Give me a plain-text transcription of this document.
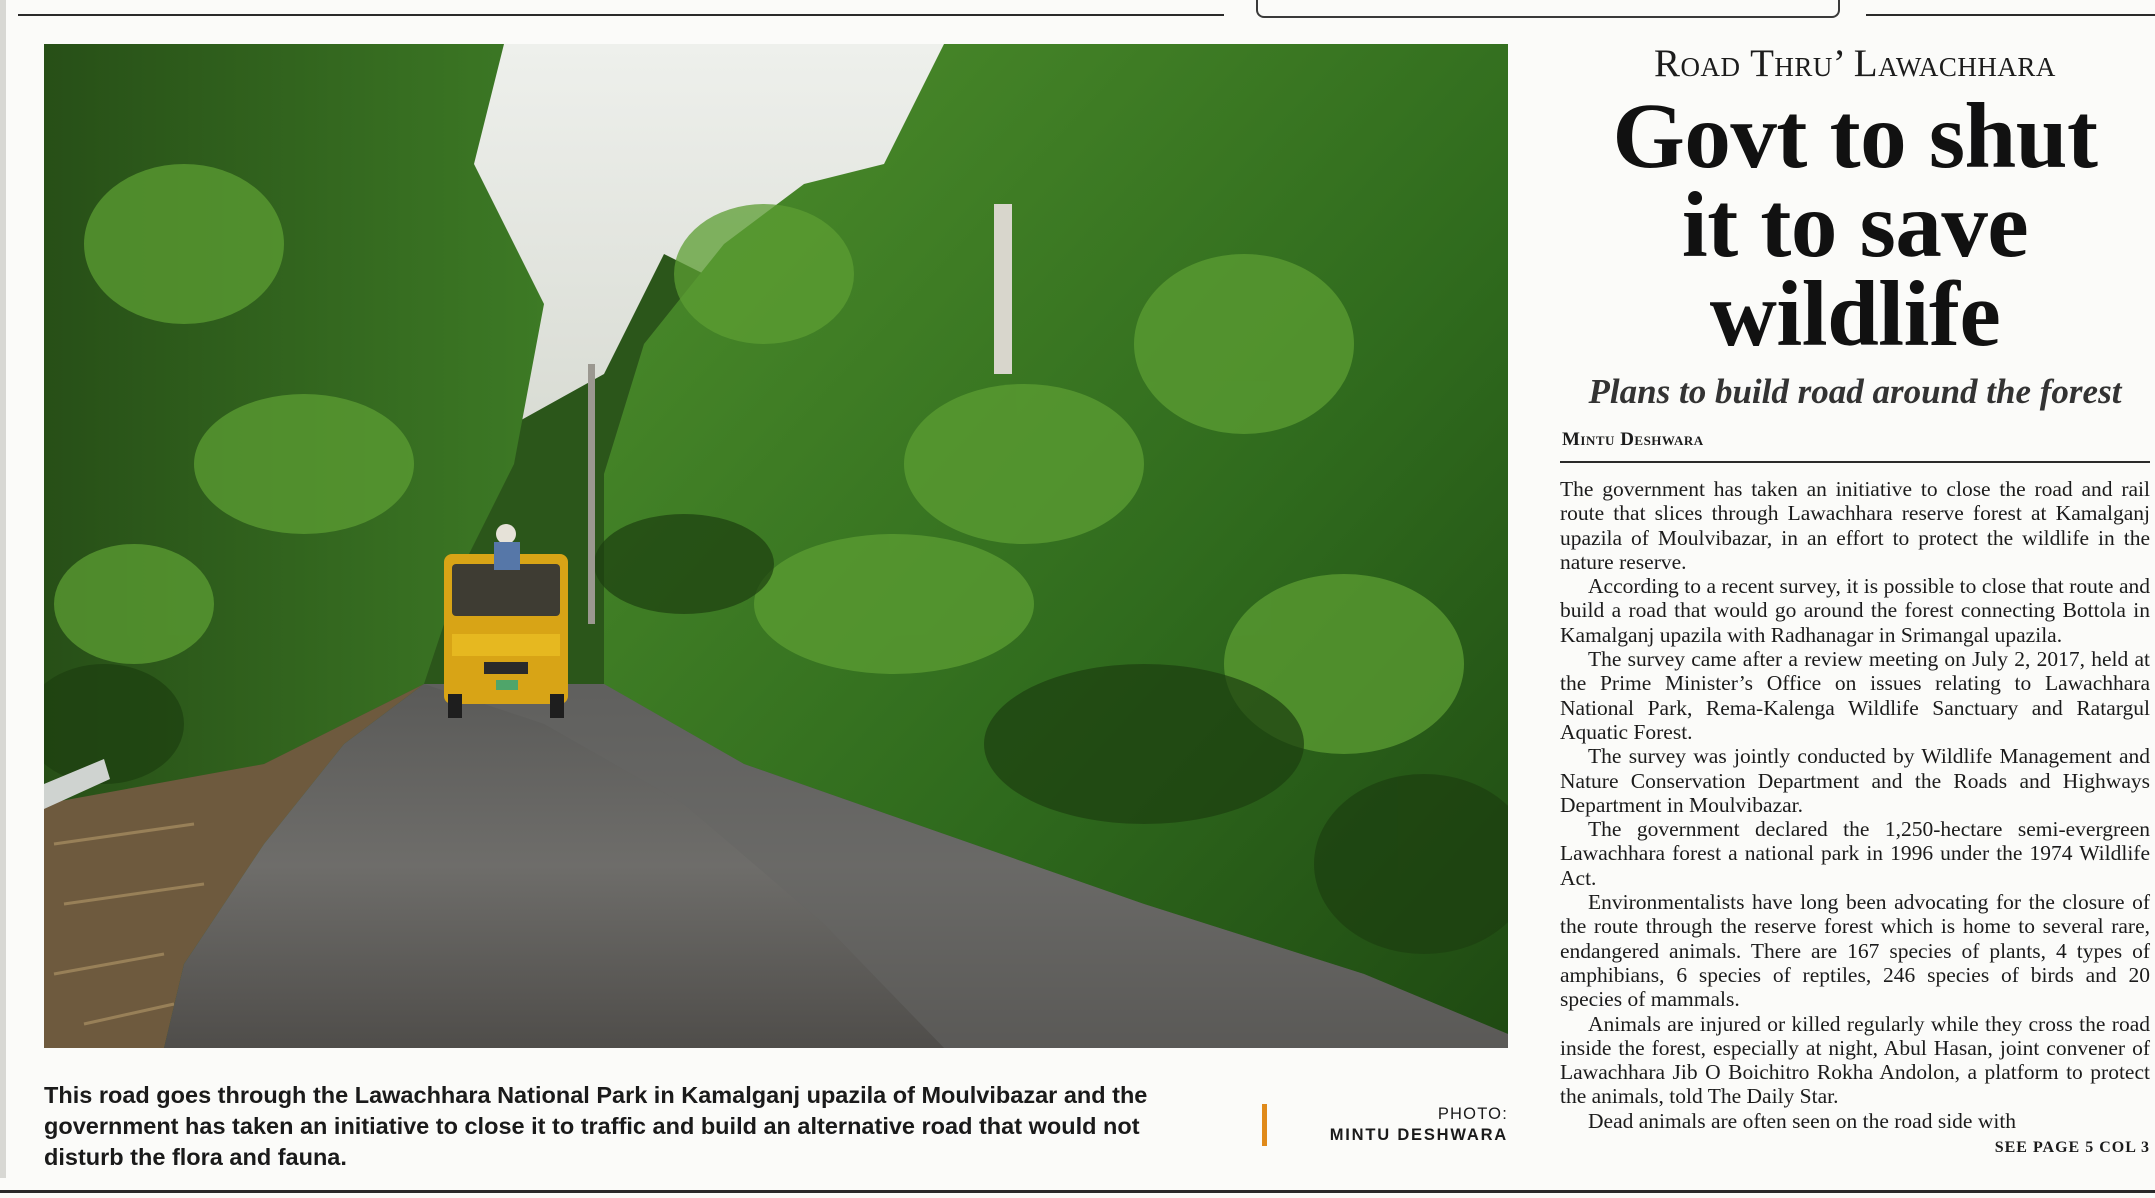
This road goes through the Lawachhara National Park in Kamalganj upazila of Moulvibazar and the government has taken an initiative to close it to traffic and build an alternative road that would not disturb the flora and fauna.
PHOTO:
MINTU DESHWARA
Road Thru’ Lawachhara
Govt to shut
it to save
wildlife
Plans to build road around the forest
Mintu Deshwara

The government has taken an initiative to close the road and rail route that slices through Lawachhara reserve forest at Kamalganj upazila of Moulvibazar, in an effort to protect the wildlife in the nature reserve.

According to a recent survey, it is possible to close that route and build a road that would go around the forest connecting Bottola in Kamalganj upazila with Radhanagar in Srimangal upazila.

The survey came after a review meeting on July 2, 2017, held at the Prime Minister’s Office on issues relating to Lawachhara National Park, Rema-Kalenga Wildlife Sanctuary and Ratargul Aquatic Forest.

The survey was jointly conducted by Wildlife Management and Nature Conservation Department and the Roads and Highways Department in Moulvibazar.

The government declared the 1,250-hectare semi-evergreen Lawachhara forest a national park in 1996 under the 1974 Wildlife Act.

Environmentalists have long been advocating for the closure of the route through the reserve forest which is home to several rare, endangered animals. There are 167 species of plants, 4 types of amphibians, 6 species of reptiles, 246 species of birds and 20 species of mammals.

Animals are injured or killed regularly while they cross the road inside the forest, especially at night, Abul Hasan, joint convener of Lawachhara Jib O Boichitro Rokha Andolon, a platform to protect the animals, told The Daily Star.

Dead animals are often seen on the road side with

SEE PAGE 5 COL 3
